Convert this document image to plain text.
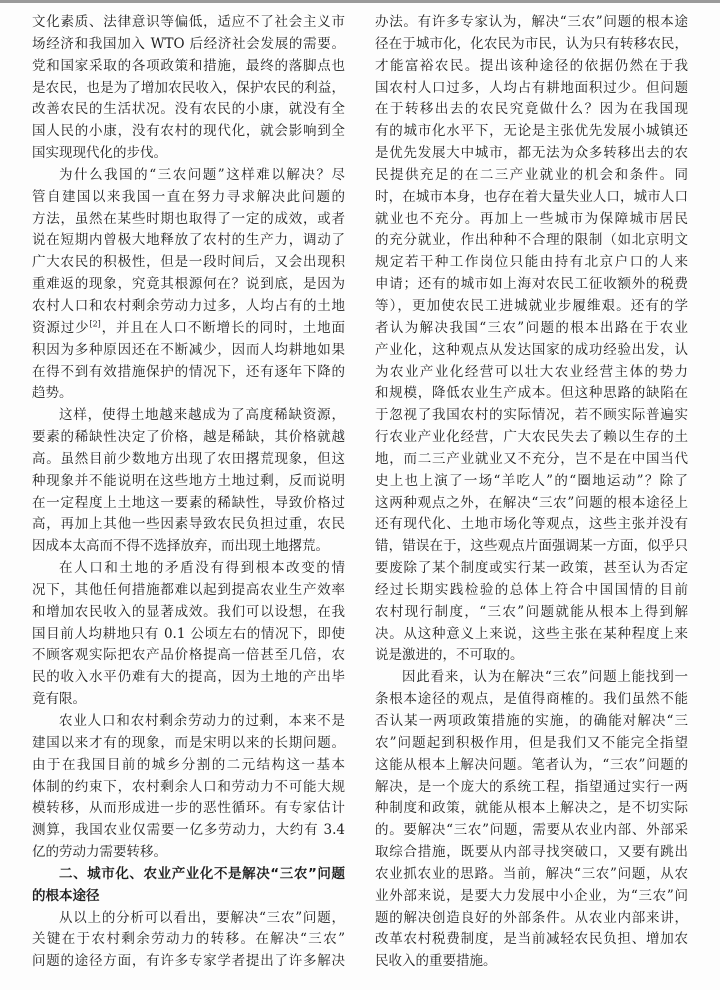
文化素质、法律意识等偏低，适应不了社会主义市
场经济和我国加入 WTO 后经济社会发展的需要。
党和国家采取的各项政策和措施，最终的落脚点也
是农民，也是为了增加农民收入，保护农民的利益，
改善农民的生活状况。没有农民的小康，就没有全
国人民的小康，没有农村的现代化，就会影响到全
国实现现代化的步伐。
为什么我国的“三农问题”这样难以解决？尽
管自建国以来我国一直在努力寻求解决此问题的
方法，虽然在某些时期也取得了一定的成效，或者
说在短期内曾极大地释放了农村的生产力，调动了
广大农民的积极性，但是一段时间后，又会出现积
重难返的现象，究竟其根源何在？说到底，是因为
农村人口和农村剩余劳动力过多，人均占有的土地
资源过少[2]，并且在人口不断增长的同时，土地面
积因为多种原因还在不断减少，因而人均耕地如果
在得不到有效措施保护的情况下，还有逐年下降的
趋势。
这样，使得土地越来越成为了高度稀缺资源，
要素的稀缺性决定了价格，越是稀缺，其价格就越
高。虽然目前少数地方出现了农田撂荒现象，但这
种现象并不能说明在这些地方土地过剩，反而说明
在一定程度上土地这一要素的稀缺性，导致价格过
高，再加上其他一些因素导致农民负担过重，农民
因成本太高而不得不选择放弃，而出现土地撂荒。
在人口和土地的矛盾没有得到根本改变的情
况下，其他任何措施都难以起到提高农业生产效率
和增加农民收入的显著成效。我们可以设想，在我
国目前人均耕地只有 0.1 公顷左右的情况下，即使
不顾客观实际把农产品价格提高一倍甚至几倍，农
民的收入水平仍难有大的提高，因为土地的产出毕
竟有限。
农业人口和农村剩余劳动力的过剩，本来不是
建国以来才有的现象，而是宋明以来的长期问题。
由于在我国目前的城乡分割的二元结构这一基本
体制的约束下，农村剩余人口和劳动力不可能大规
模转移，从而形成进一步的恶性循环。有专家估计
测算，我国农业仅需要一亿多劳动力，大约有 3.4
亿的劳动力需要转移。
二、城市化、农业产业化不是解决“三农”问题
的根本途径
从以上的分析可以看出，要解决“三农”问题，
关键在于农村剩余劳动力的转移。在解决“三农”
问题的途径方面，有许多专家学者提出了许多解决
办法。有许多专家认为，解决“三农”问题的根本途
径在于城市化，化农民为市民，认为只有转移农民，
才能富裕农民。提出该种途径的依据仍然在于我
国农村人口过多，人均占有耕地面积过少。但问题
在于转移出去的农民究竟做什么？因为在我国现
有的城市化水平下，无论是主张优先发展小城镇还
是优先发展大中城市，都无法为众多转移出去的农
民提供充足的在二三产业就业的机会和条件。同
时，在城市本身，也存在着大量失业人口，城市人口
就业也不充分。再加上一些城市为保障城市居民
的充分就业，作出种种不合理的限制（如北京明文
规定若干种工作岗位只能由持有北京户口的人来
申请；还有的城市如上海对农民工征收额外的税费
等），更加使农民工进城就业步履维艰。还有的学
者认为解决我国“三农”问题的根本出路在于农业
产业化，这种观点从发达国家的成功经验出发，认
为农业产业化经营可以壮大农业经营主体的势力
和规模，降低农业生产成本。但这种思路的缺陷在
于忽视了我国农村的实际情况，若不顾实际普遍实
行农业产业化经营，广大农民失去了赖以生存的土
地，而二三产业就业又不充分，岂不是在中国当代
史上也上演了一场“羊吃人”的“圈地运动”？除了
这两种观点之外，在解决“三农”问题的根本途径上
还有现代化、土地市场化等观点，这些主张并没有
错，错误在于，这些观点片面强调某一方面，似乎只
要废除了某个制度或实行某一政策，甚至认为否定
经过长期实践检验的总体上符合中国国情的目前
农村现行制度，“三农”问题就能从根本上得到解
决。从这种意义上来说，这些主张在某种程度上来
说是激进的，不可取的。
因此看来，认为在解决“三农”问题上能找到一
条根本途径的观点，是值得商榷的。我们虽然不能
否认某一两项政策措施的实施，的确能对解决“三
农”问题起到积极作用，但是我们又不能完全指望
这能从根本上解决问题。笔者认为，“三农”问题的
解决，是一个庞大的系统工程，指望通过实行一两
种制度和政策，就能从根本上解决之，是不切实际
的。要解决“三农”问题，需要从农业内部、外部采
取综合措施，既要从内部寻找突破口，又要有跳出
农业抓农业的思路。当前，解决“三农”问题，从农
业外部来说，是要大力发展中小企业，为“三农”问
题的解决创造良好的外部条件。从农业内部来讲，
改革农村税费制度，是当前减轻农民负担、增加农
民收入的重要措施。
